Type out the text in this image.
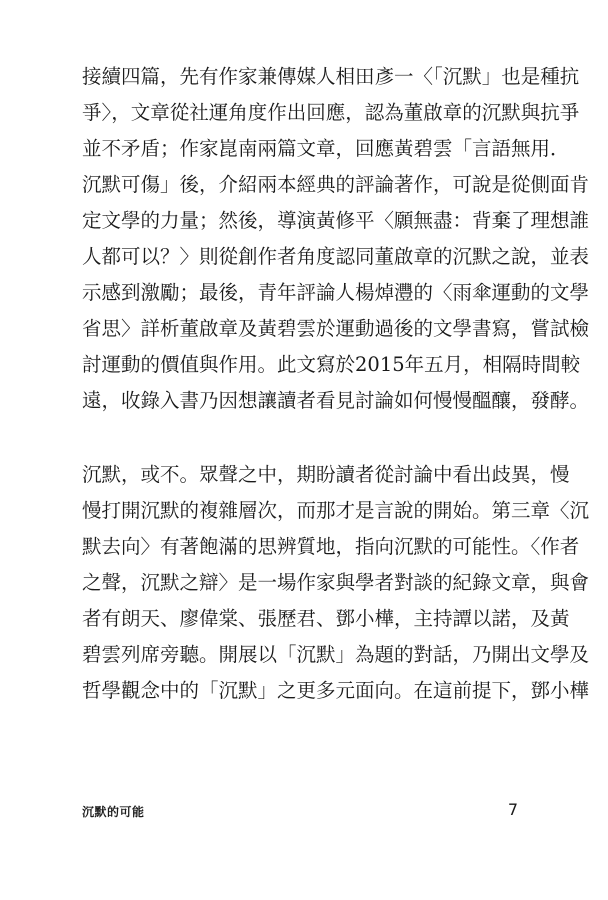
接續四篇，先有作家兼傳媒人相田彥一〈「沉默」也是種抗
爭〉，文章從社運角度作出回應，認為董啟章的沉默與抗爭
並不矛盾；作家崑南兩篇文章，回應黃碧雲「言語無用．
沉默可傷」後，介紹兩本經典的評論著作，可說是從側面肯
定文學的力量；然後，導演黃修平〈願無盡：背棄了理想誰
人都可以？〉則從創作者角度認同董啟章的沉默之說，並表
示感到激勵；最後，青年評論人楊焯灃的〈雨傘運動的文學
省思〉詳析董啟章及黃碧雲於運動過後的文學書寫，嘗試檢
討運動的價值與作用。此文寫於2015年五月，相隔時間較
遠，收錄入書乃因想讓讀者看見討論如何慢慢醞釀，發酵。
沉默，或不。眾聲之中，期盼讀者從討論中看出歧異，慢
慢打開沉默的複雜層次，而那才是言說的開始。第三章〈沉
默去向〉有著飽滿的思辨質地，指向沉默的可能性。〈作者
之聲，沉默之辯〉是一場作家與學者對談的紀錄文章，與會
者有朗天、廖偉棠、張歷君、鄧小樺，主持譚以諾，及黃
碧雲列席旁聽。開展以「沉默」為題的對話，乃開出文學及
哲學觀念中的「沉默」之更多元面向。在這前提下，鄧小樺
沉默的可能	7
